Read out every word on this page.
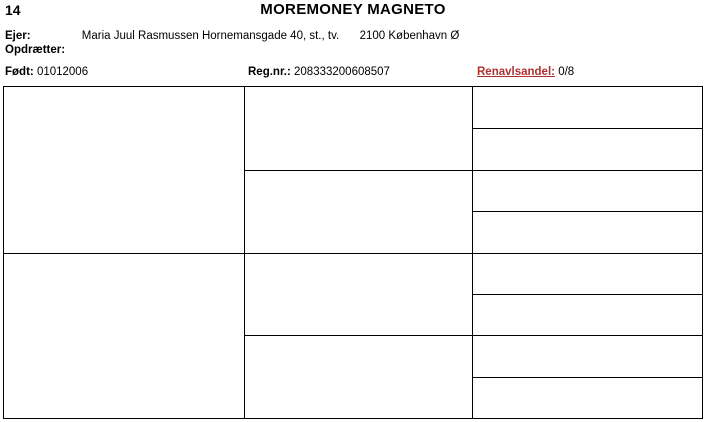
14	MOREMONEY MAGNETO
Ejer:	Maria Juul Rasmussen Hornemansgade 40, st., tv. 2100 København Ø
Opdrætter:
Født: 01012006	Reg.nr.: 208333200608507	Renavlsandel: 0/8
